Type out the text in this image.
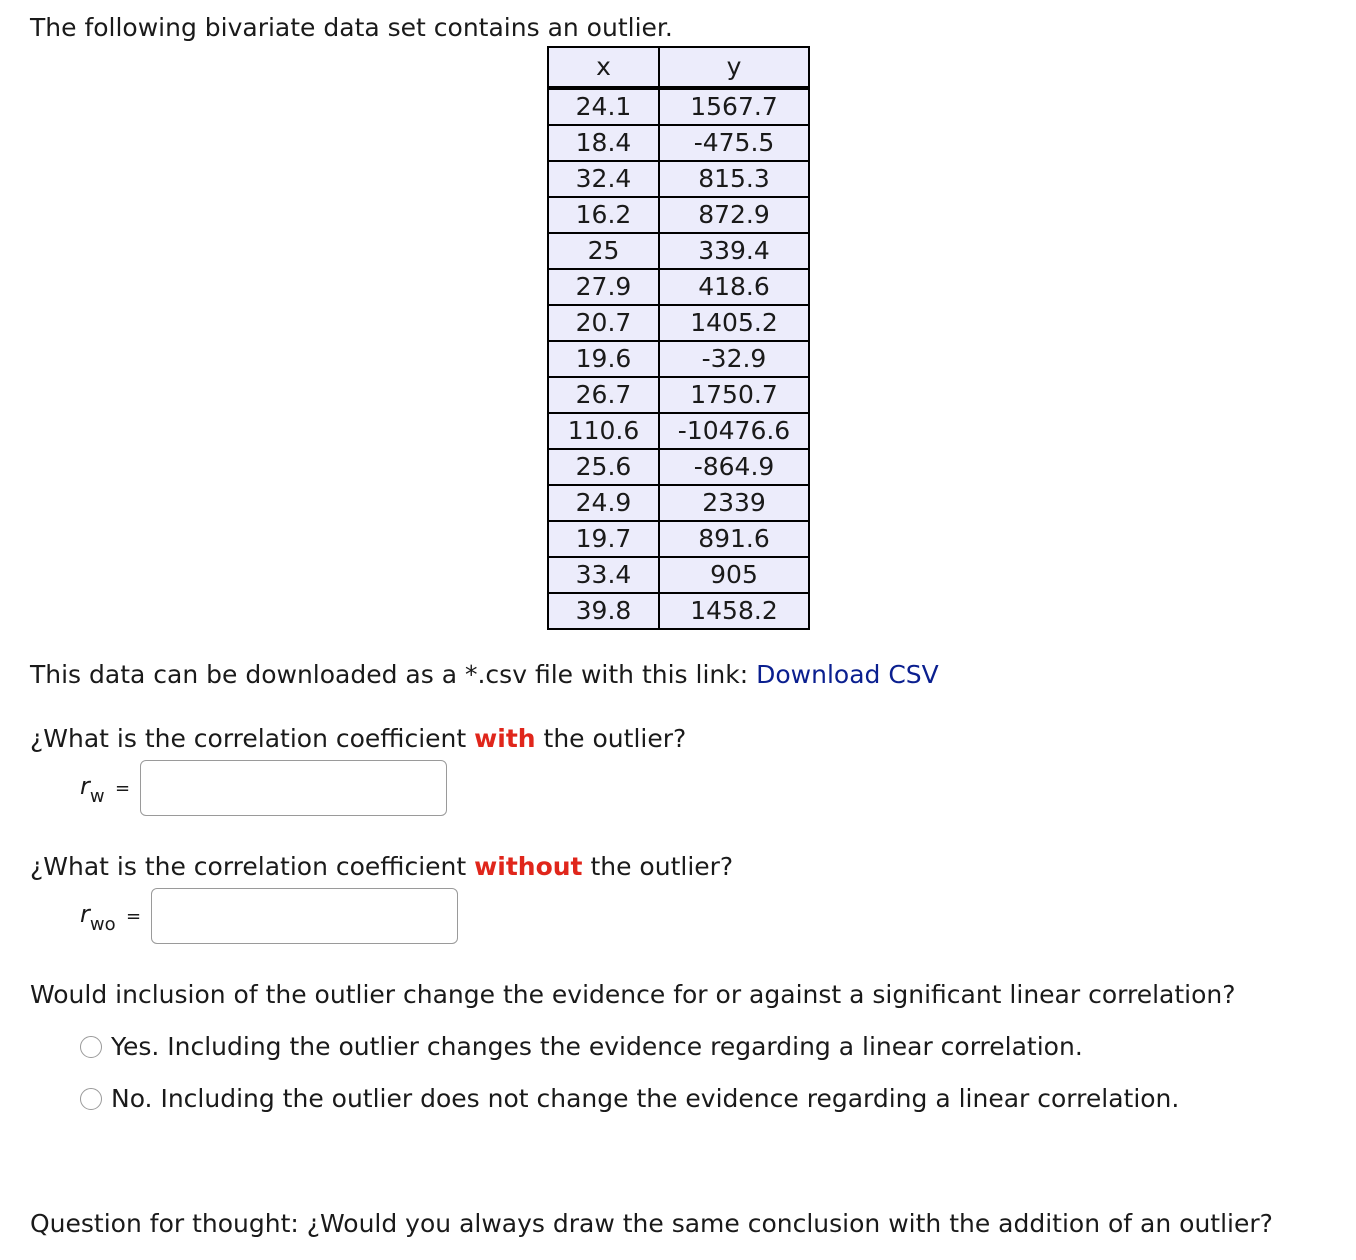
The following bivariate data set contains an outlier.
x	y
24.1	1567.7
18.4	-475.5
32.4	815.3
16.2	872.9
25	339.4
27.9	418.6
20.7	1405.2
19.6	-32.9
26.7	1750.7
110.6	-10476.6
25.6	-864.9
24.9	2339
19.7	891.6
33.4	905
39.8	1458.2
This data can be downloaded as a *.csv file with this link: Download CSV
¿What is the correlation coefficient with the outlier?
$r_w$ =
¿What is the correlation coefficient without the outlier?
$r_{wo}$ =
Would inclusion of the outlier change the evidence for or against a significant linear correlation?
Yes. Including the outlier changes the evidence regarding a linear correlation.
No. Including the outlier does not change the evidence regarding a linear correlation.
Question for thought: ¿Would you always draw the same conclusion with the addition of an outlier?
